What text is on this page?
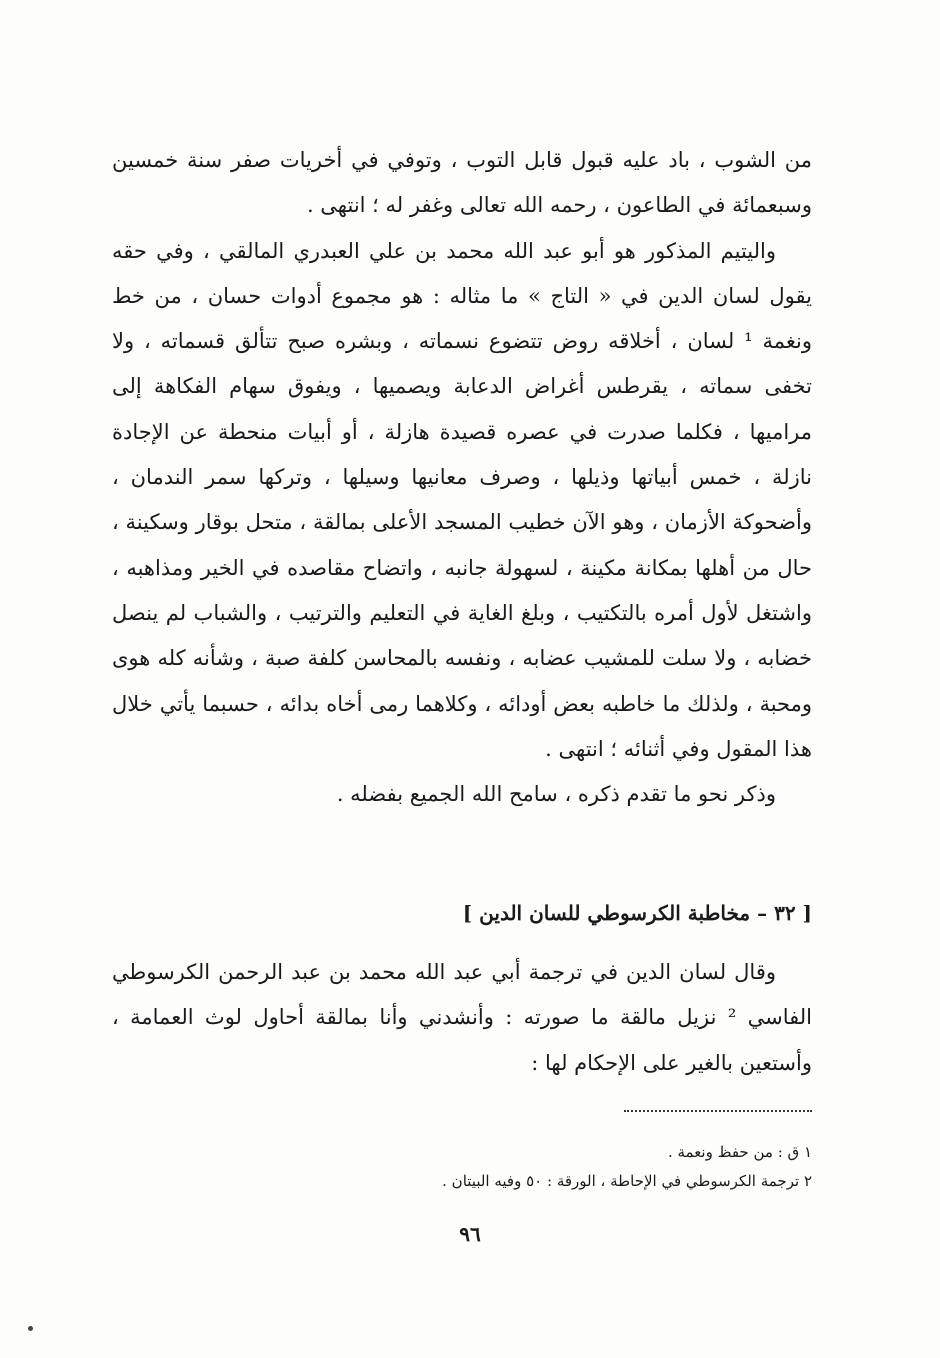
من الشوب ، باد عليه قبول قابل التوب ، وتوفي في أخريات صفر سنة خمسين وسبعمائة في الطاعون ، رحمه الله تعالى وغفر له ؛ انتهى .

واليتيم المذكور هو أبو عبد الله محمد بن علي العبدري المالقي ، وفي حقه يقول لسان الدين في « التاج » ما مثاله : هو مجموع أدوات حسان ، من خط ونغمة ¹ لسان ، أخلاقه روض تتضوع نسماته ، وبشره صبح تتألق قسماته ، ولا تخفى سماته ، يقرطس أغراض الدعابة ويصميها ، ويفوق سهام الفكاهة إلى مراميها ، فكلما صدرت في عصره قصيدة هازلة ، أو أبيات منحطة عن الإجادة نازلة ، خمس أبياتها وذيلها ، وصرف معانيها وسيلها ، وتركها سمر الندمان ، وأضحوكة الأزمان ، وهو الآن خطيب المسجد الأعلى بمالقة ، متحل بوقار وسكينة ، حال من أهلها بمكانة مكينة ، لسهولة جانبه ، واتضاح مقاصده في الخير ومذاهبه ، واشتغل لأول أمره بالتكتيب ، وبلغ الغاية في التعليم والترتيب ، والشباب لم ينصل خضابه ، ولا سلت للمشيب عضابه ، ونفسه بالمحاسن كلفة صبة ، وشأنه كله هوى ومحبة ، ولذلك ما خاطبه بعض أودائه ، وكلاهما رمى أخاه بدائه ، حسبما يأتي خلال هذا المقول وفي أثنائه ؛ انتهى .

وذكر نحو ما تقدم ذكره ، سامح الله الجميع بفضله .

[ ٣٢ – مخاطبة الكرسوطي للسان الدين ]

وقال لسان الدين في ترجمة أبي عبد الله محمد بن عبد الرحمن الكرسوطي الفاسي ² نزيل مالقة ما صورته : وأنشدني وأنا بمالقة أحاول لوث العمامة ، وأستعين بالغير على الإحكام لها :

١ ق : من حفظ ونعمة .

٢ ترجمة الكرسوطي في الإحاطة ، الورقة : ٥٠ وفيه البيتان .

٩٦
